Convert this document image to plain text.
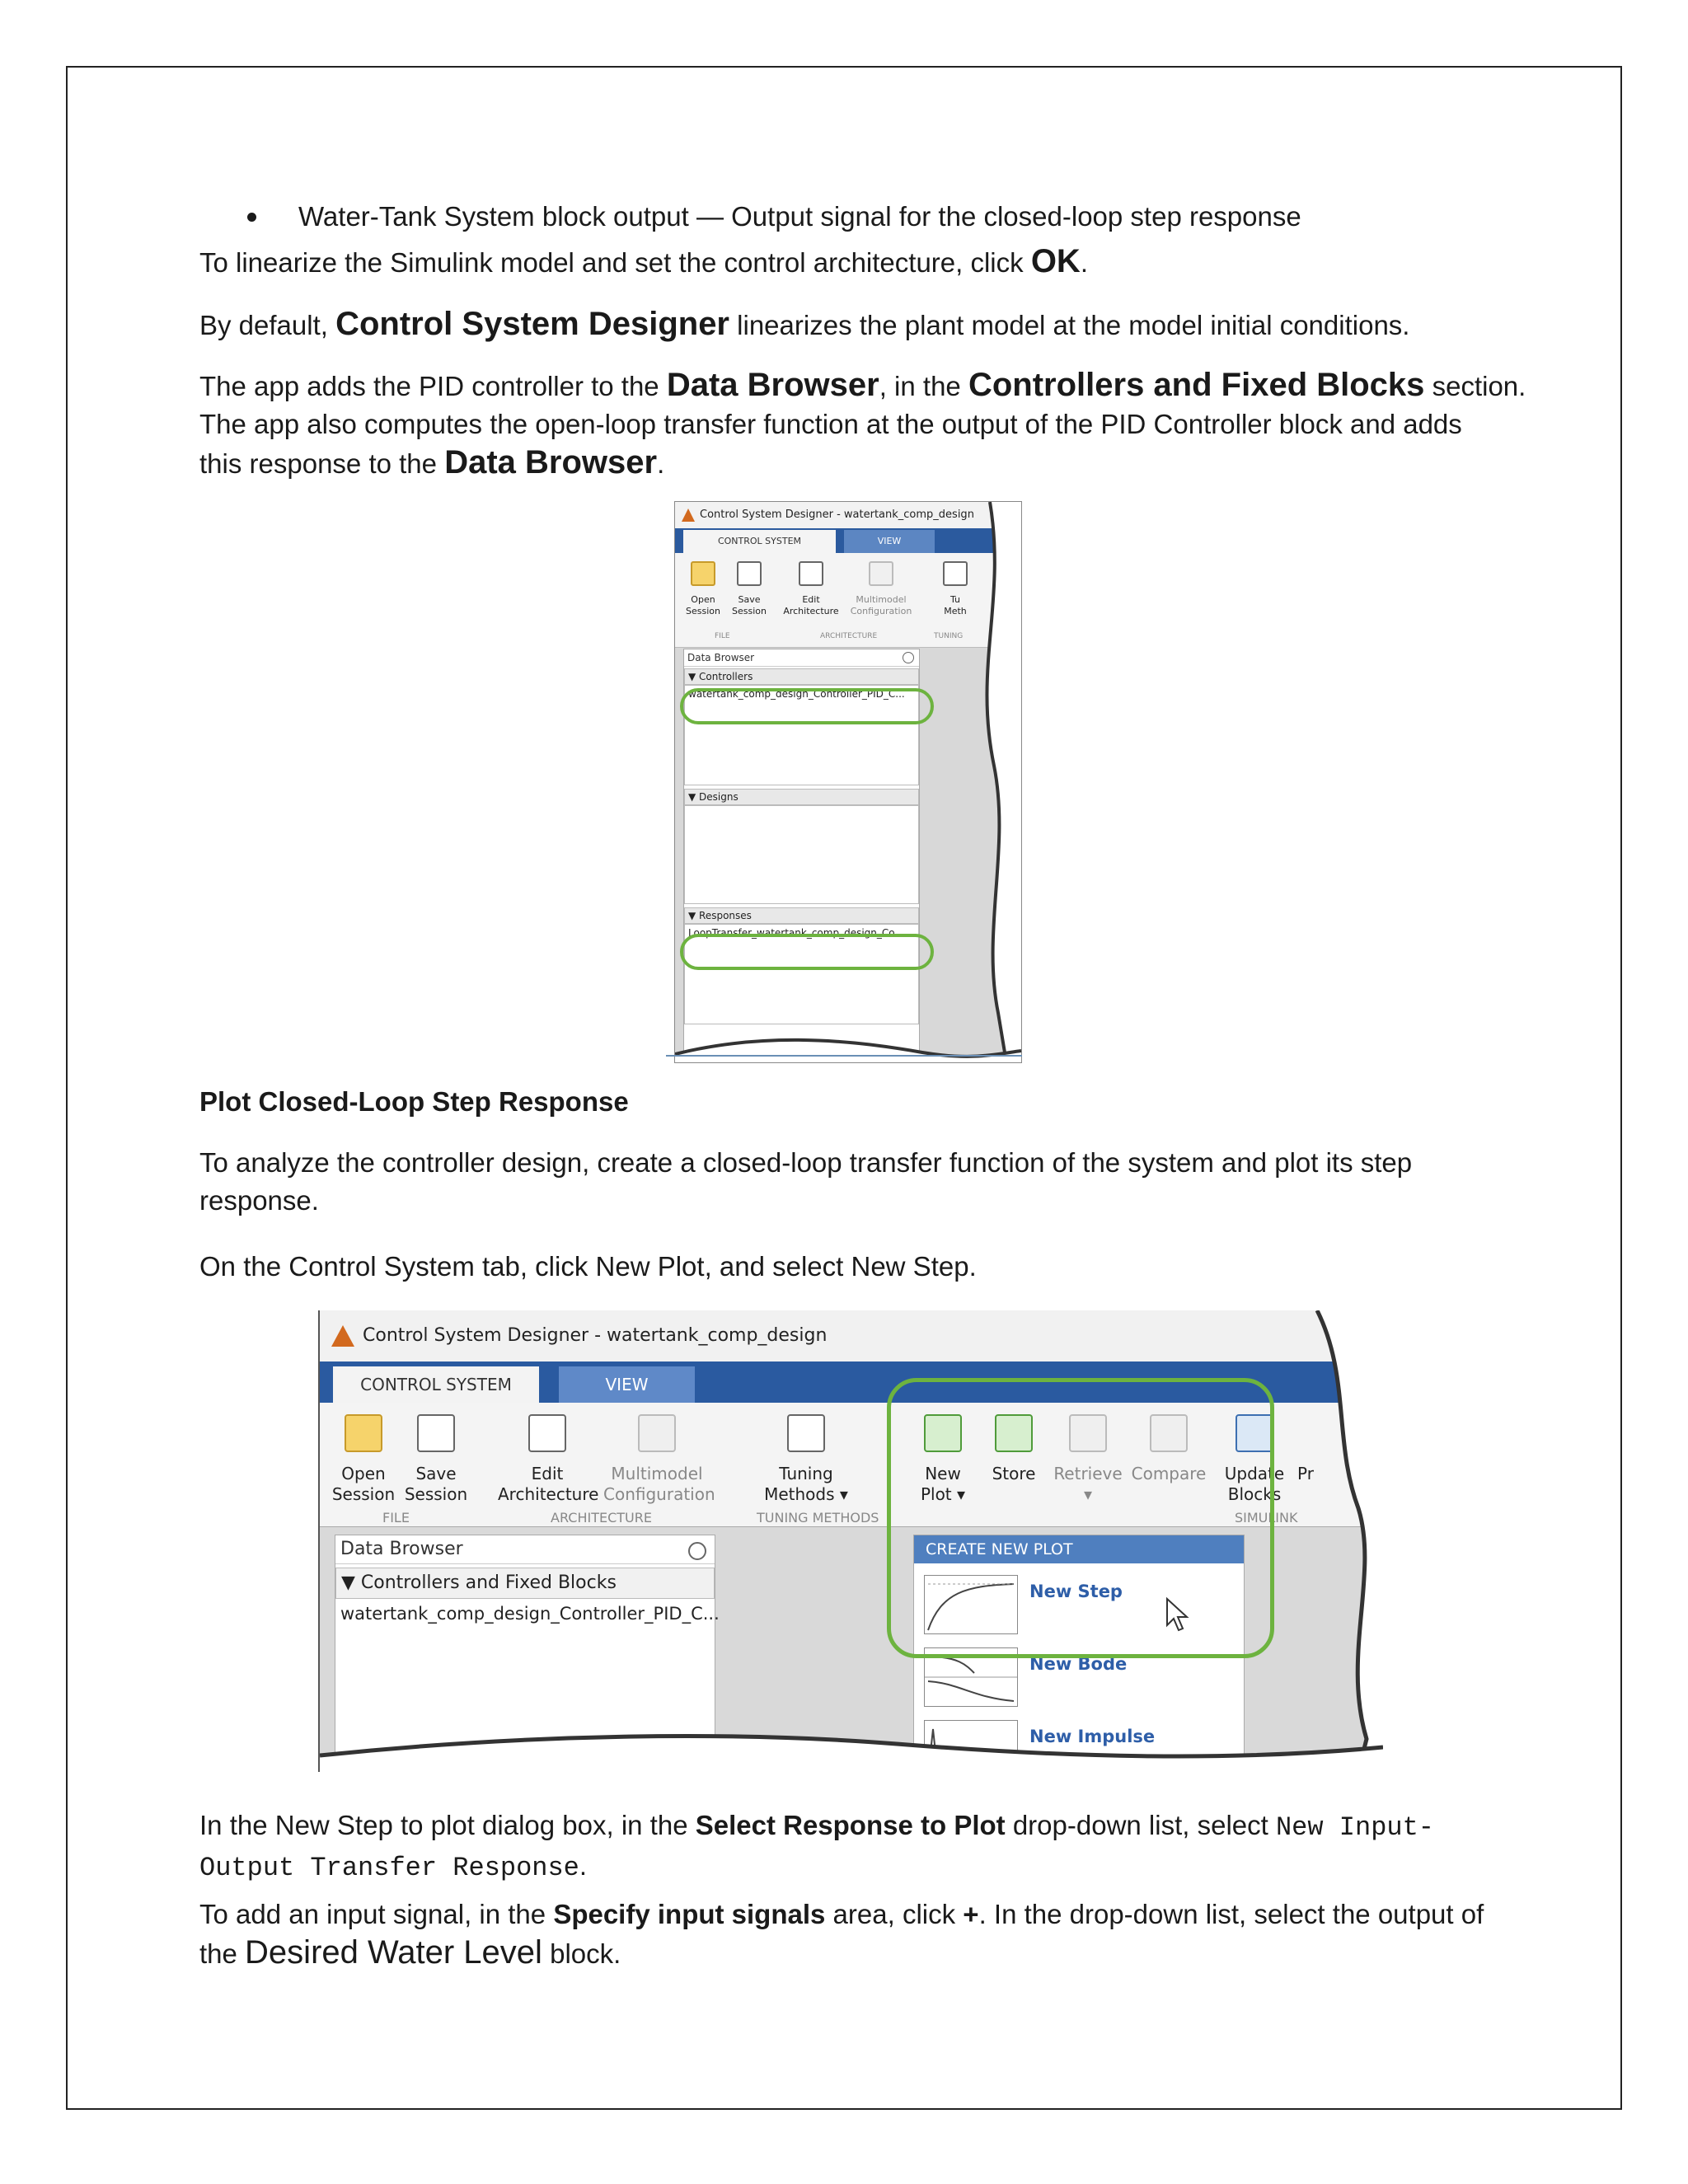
Water-Tank System block output — Output signal for the closed-loop step response
To linearize the Simulink model and set the control architecture, click OK.
By default, Control System Designer linearizes the plant model at the model initial conditions.
The app adds the PID controller to the Data Browser, in the Controllers and Fixed Blocks section.
The app also computes the open-loop transfer function at the output of the PID Controller block and adds
this response to the Data Browser.
Control System Designer - watertank_comp_design
CONTROL SYSTEM	VIEW
Open
Session
Save
Session
Edit
Architecture
Multimodel
Configuration
Tu
Meth
FILE	ARCHITECTURE	TUNING
Data Browser
▼ Controllers
watertank_comp_design_Controller_PID_C...
▼ Designs
▼ Responses
LoopTransfer_watertank_comp_design_Co...
Plot Closed-Loop Step Response
To analyze the controller design, create a closed-loop transfer function of the system and plot its step
response.
On the Control System tab, click New Plot, and select New Step.
Control System Designer - watertank_comp_design
CONTROL SYSTEM	VIEW
Open
Session
Save
Session
Edit
Architecture
Multimodel
Configuration
Tuning
Methods ▾
New
Plot ▾
Store	Retrieve
▾
Compare Update
Blocks
Pr
FILE	ARCHITECTURE	TUNING METHODS	SIMULINK
Data Browser
▼ Controllers and Fixed Blocks
watertank_comp_design_Controller_PID_C...
CREATE NEW PLOT
New Step
New Bode
New Impulse
In the New Step to plot dialog box, in the Select Response to Plot drop-down list, select New Input-
Output Transfer Response.
To add an input signal, in the Specify input signals area, click +. In the drop-down list, select the output of
the Desired Water Level block.
